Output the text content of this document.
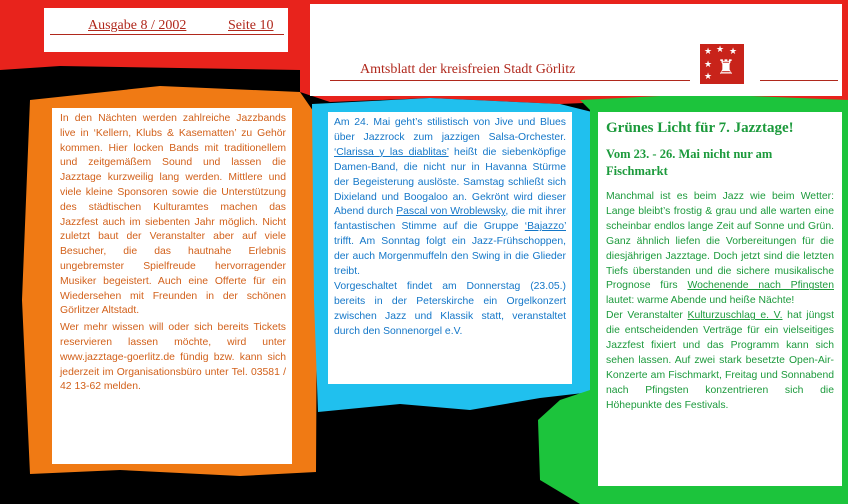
Ausgabe 8 / 2002	Seite 10
Amtsblatt der kreisfreien Stadt Görlitz
★ ★ ★
★
★ ♜

In den Nächten werden zahlreiche Jazzbands live in ‘Kellern, Klubs & Kasematten’ zu Gehör kommen. Hier locken Bands mit traditionellem und zeitgemäßem Sound und lassen die Jazztage kurzweilig lang werden. Mittlere und viele kleine Sponsoren sowie die Unterstützung des städtischen Kulturamtes machen das Jazzfest auch im siebenten Jahr möglich. Nicht zuletzt baut der Veranstalter aber auf viele Besucher, die das hautnahe Erlebnis ungebremster Spielfreude hervorragender Musiker begeistert. Auch eine Offerte für ein Wiedersehen mit Freunden in der schönen Görlitzer Altstadt.

Wer mehr wissen will oder sich bereits Tickets reservieren lassen möchte, wird unter www.jazztage-goerlitz.de fündig bzw. kann sich jederzeit im Organisationsbüro unter Tel. 03581 / 42 13-62 melden.

Am 24. Mai geht’s stilistisch von Jive und Blues über Jazzrock zum jazzigen Salsa-Orchester. ‘Clarissa y las diablitas’ heißt die siebenköpfige Damen-Band, die nicht nur in Havanna Stürme der Begeisterung auslöste. Samstag schließt sich Dixieland und Boogaloo an. Gekrönt wird dieser Abend durch Pascal von Wroblewsky, die mit ihrer fantastischen Stimme auf die Gruppe ‘Bajazzo’ trifft. Am Sonntag folgt ein Jazz-Frühschoppen, der auch Morgenmuffeln den Swing in die Glieder treibt.

Vorgeschaltet findet am Donnerstag (23.05.) bereits in der Peterskirche ein Orgelkonzert zwischen Jazz und Klassik statt, veranstaltet durch den Sonnenorgel e.V.

Grünes Licht für 7. Jazztage!
Vom 23. - 26. Mai nicht nur am Fischmarkt

Manchmal ist es beim Jazz wie beim Wetter: Lange bleibt’s frostig & grau und alle warten eine scheinbar endlos lange Zeit auf Sonne und Grün. Ganz ähnlich liefen die Vorbereitungen für die diesjährigen Jazztage. Doch jetzt sind die letzten Tiefs überstanden und die sichere musikalische Prognose fürs Wochenende nach Pfingsten lautet: warme Abende und heiße Nächte!

Der Veranstalter Kulturzuschlag e. V. hat jüngst die entscheidenden Verträge für ein vielseitiges Jazzfest fixiert und das Programm kann sich sehen lassen. Auf zwei stark besetzte Open-Air-Konzerte am Fischmarkt, Freitag und Sonnabend nach Pfingsten konzentrieren sich die Höhepunkte des Festivals.
